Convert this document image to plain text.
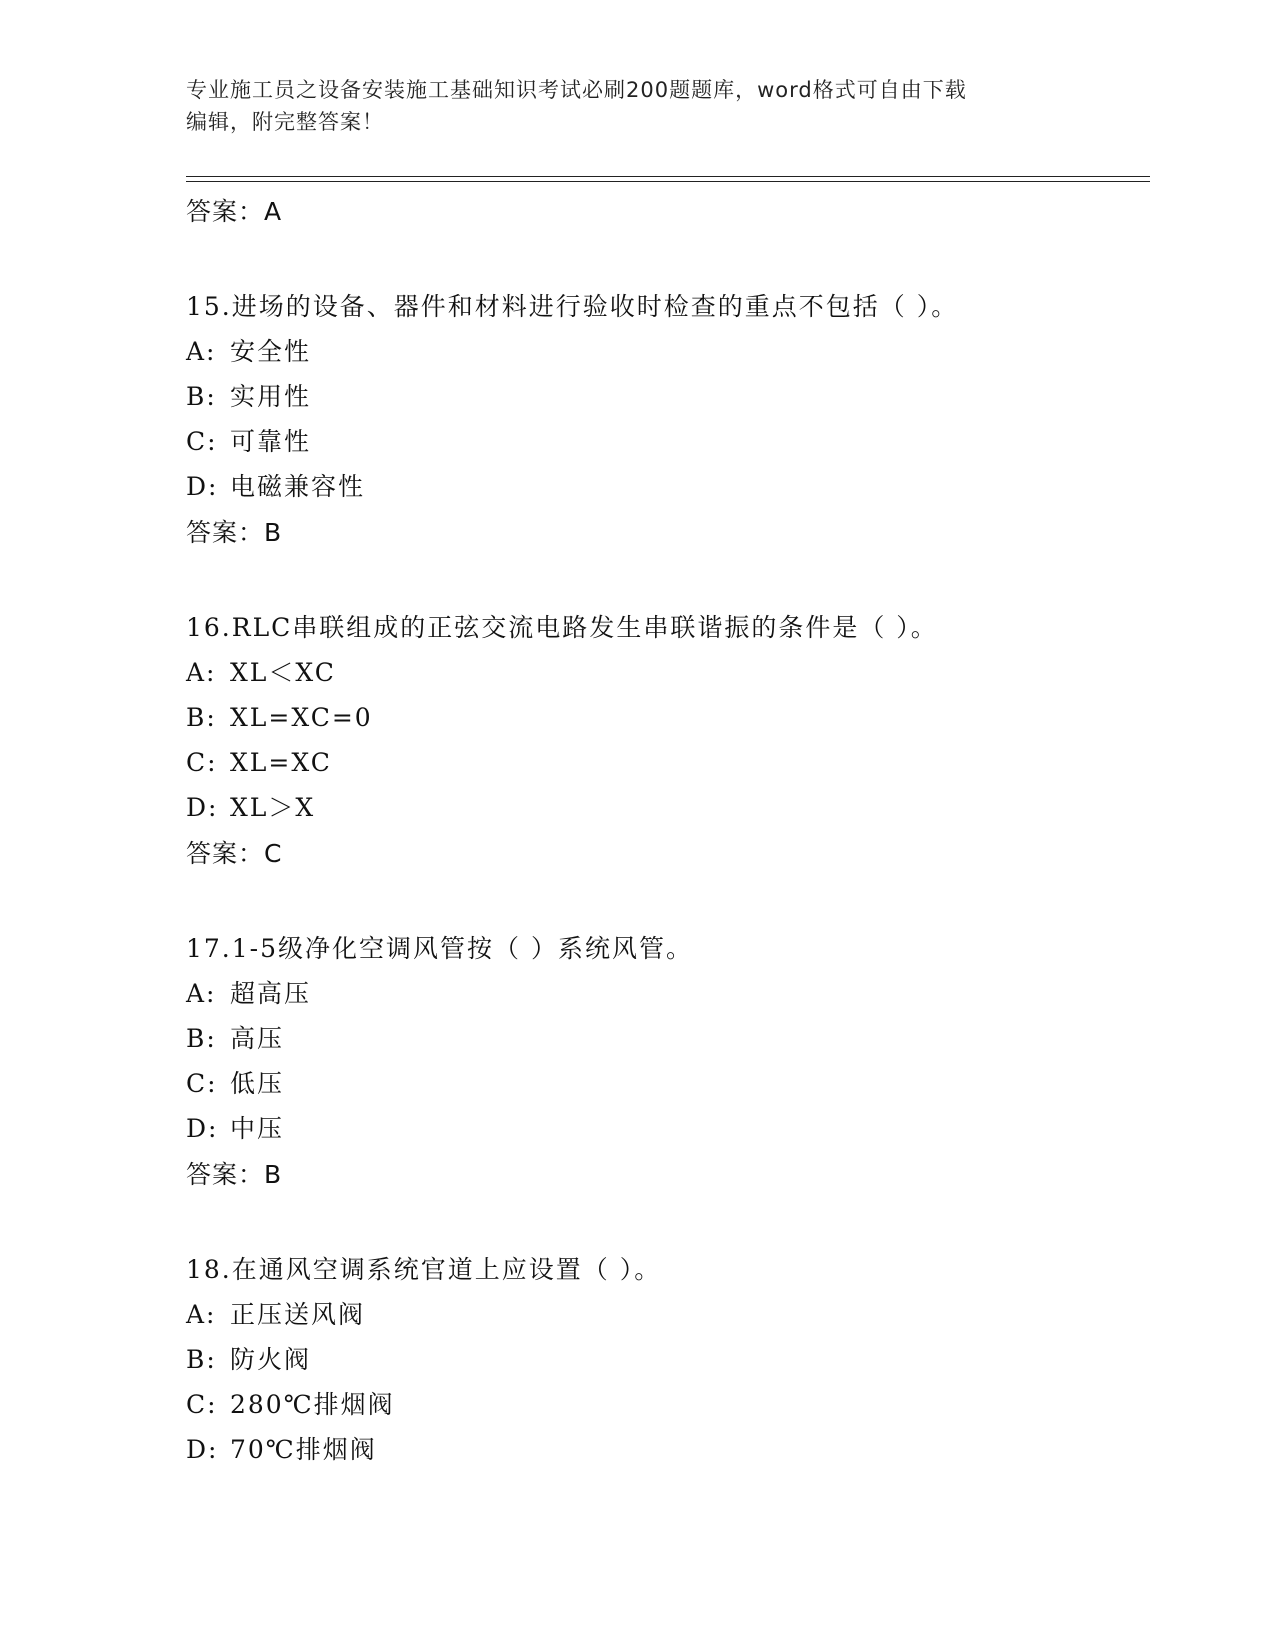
专业施工员之设备安装施工基础知识考试必刷200题题库，word格式可自由下载
编辑，附完整答案！
答案：A
15.进场的设备、器件和材料进行验收时检查的重点不包括（ ）。
A: 安全性
B: 实用性
C: 可靠性
D: 电磁兼容性
答案：B
16.RLC串联组成的正弦交流电路发生串联谐振的条件是（ ）。
A: XL＜XC
B: XL=XC=0
C: XL=XC
D: XL＞X
答案：C
17.1-5级净化空调风管按（ ）系统风管。
A: 超高压
B: 高压
C: 低压
D: 中压
答案：B
18.在通风空调系统官道上应设置（ ）。
A: 正压送风阀
B: 防火阀
C: 280℃排烟阀
D: 70℃排烟阀
